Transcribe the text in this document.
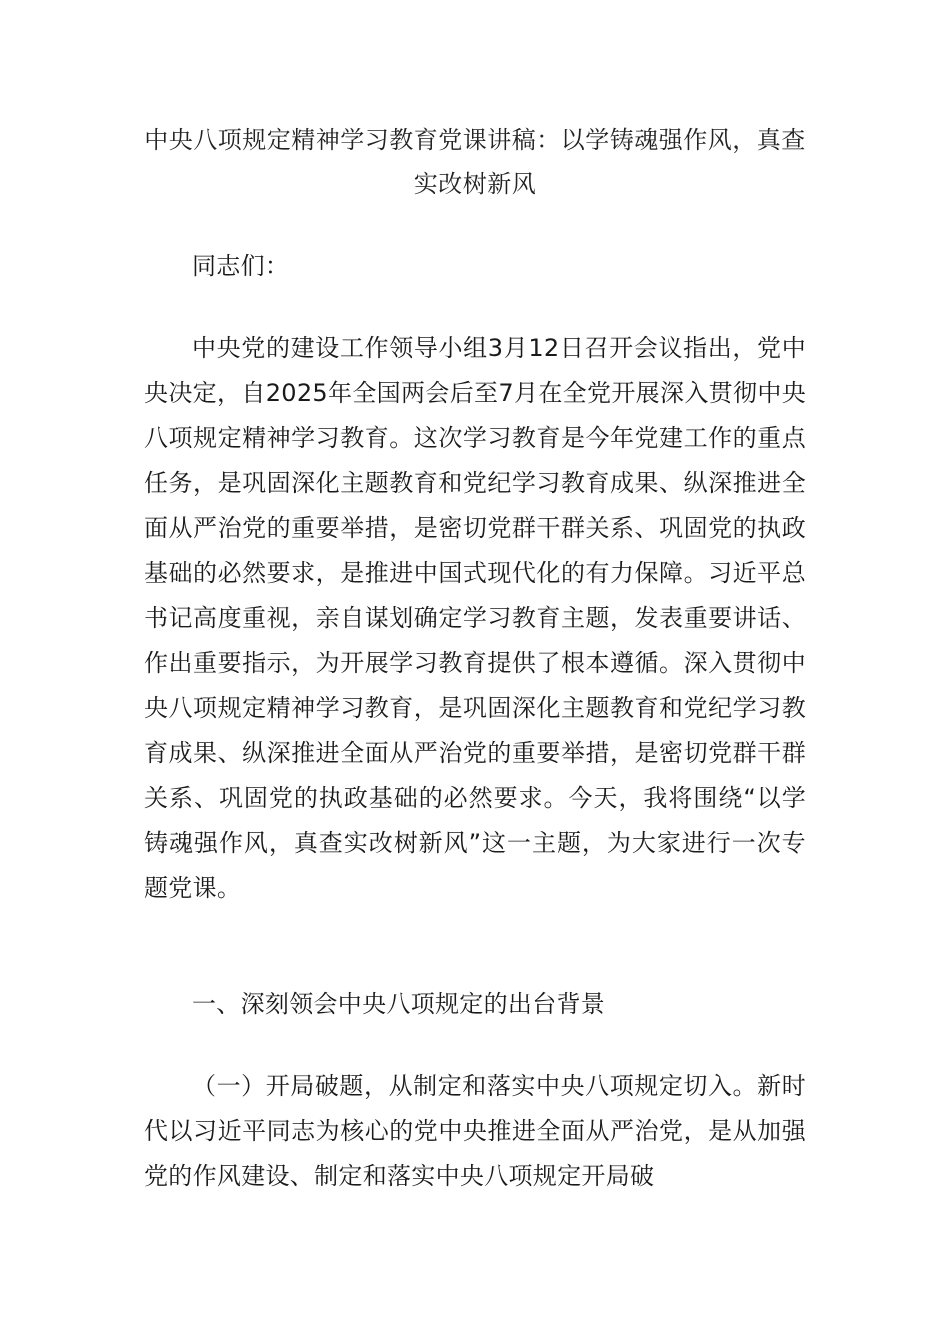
中央八项规定精神学习教育党课讲稿：以学铸魂强作风，真查实改树新风

同志们：

中央党的建设工作领导小组3月12日召开会议指出，党中央决定，自2025年全国两会后至7月在全党开展深入贯彻中央八项规定精神学习教育。这次学习教育是今年党建工作的重点任务，是巩固深化主题教育和党纪学习教育成果、纵深推进全面从严治党的重要举措，是密切党群干群关系、巩固党的执政基础的必然要求，是推进中国式现代化的有力保障。习近平总书记高度重视，亲自谋划确定学习教育主题，发表重要讲话、作出重要指示，为开展学习教育提供了根本遵循。深入贯彻中央八项规定精神学习教育，是巩固深化主题教育和党纪学习教育成果、纵深推进全面从严治党的重要举措，是密切党群干群关系、巩固党的执政基础的必然要求。今天，我将围绕“以学铸魂强作风，真查实改树新风”这一主题，为大家进行一次专题党课。

一、深刻领会中央八项规定的出台背景

（一）开局破题，从制定和落实中央八项规定切入。新时代以习近平同志为核心的党中央推进全面从严治党，是从加强党的作风建设、制定和落实中央八项规定开局破
